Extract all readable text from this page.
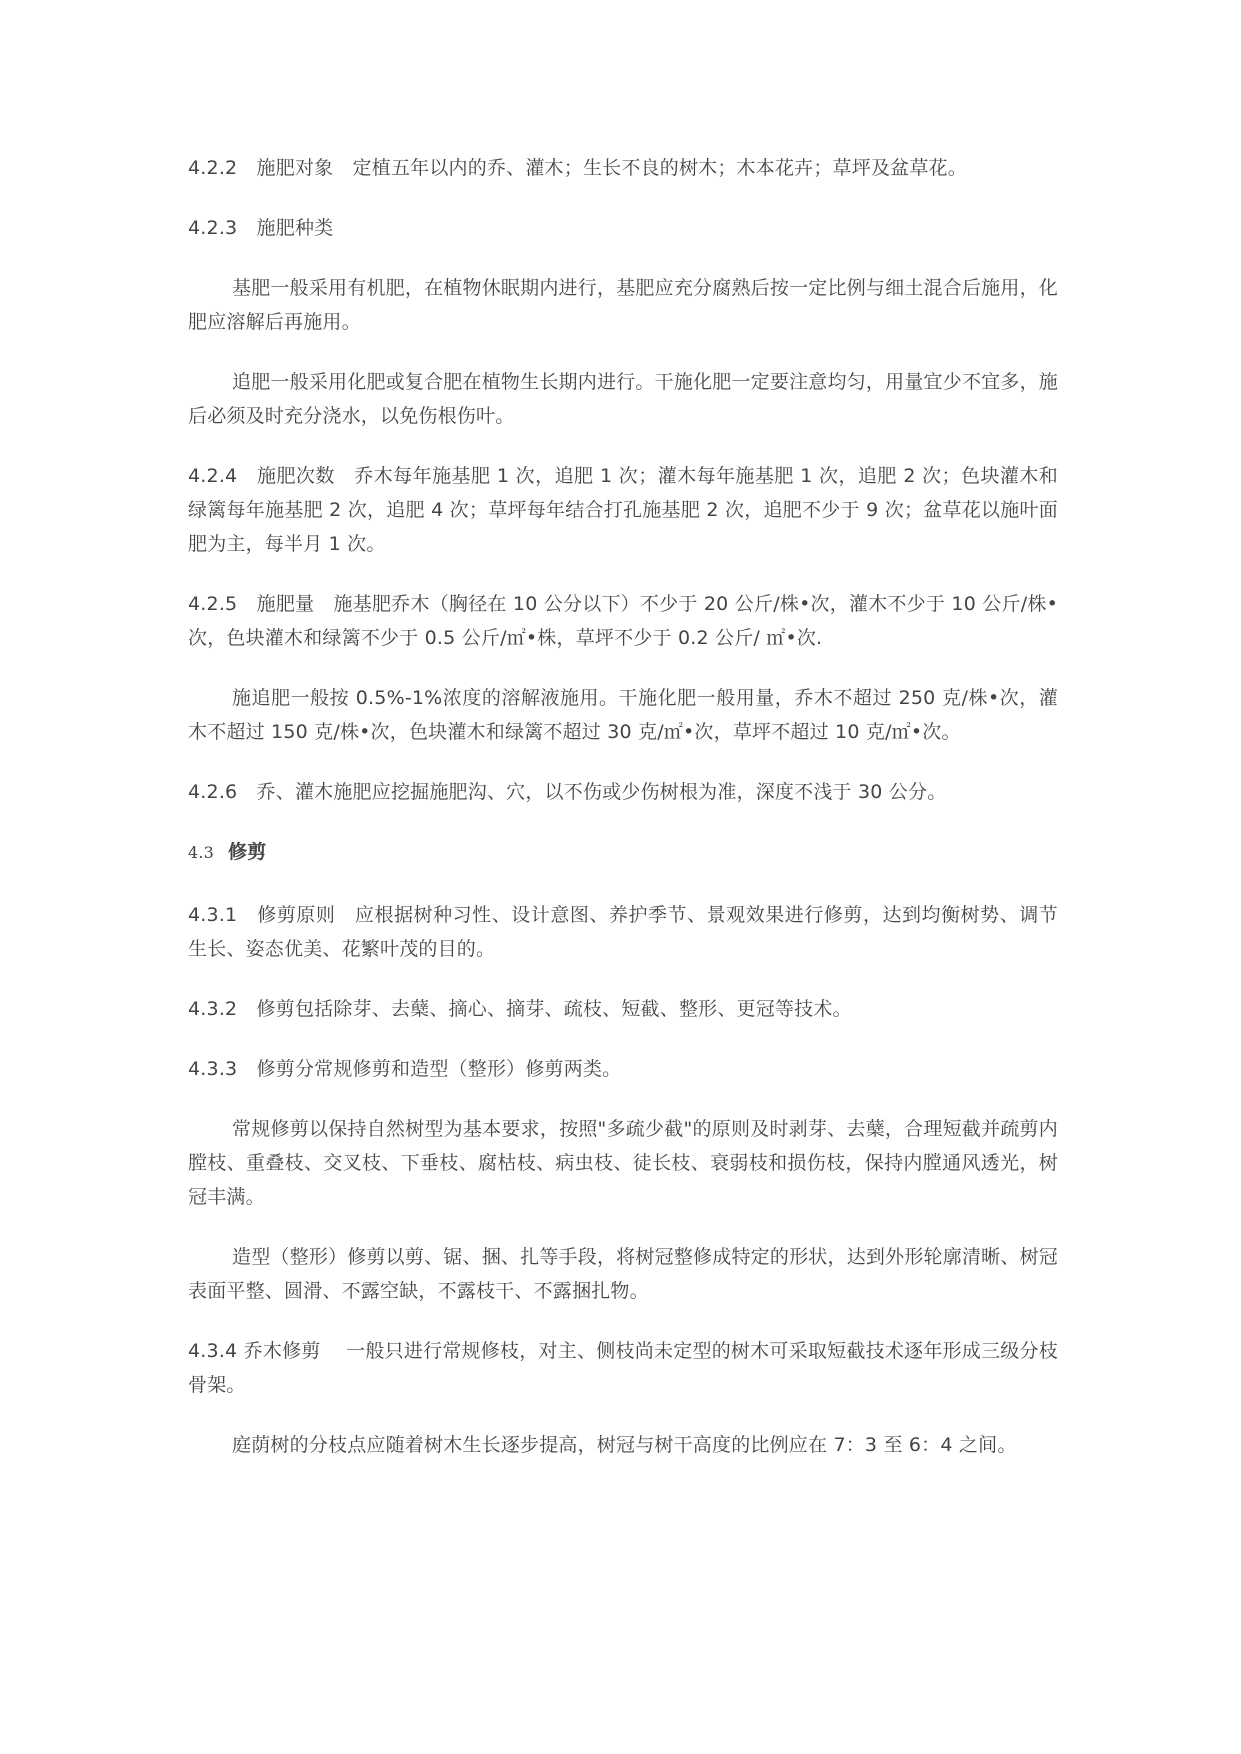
4.2.2　施肥对象　定植五年以内的乔、灌木；生长不良的树木；木本花卉；草坪及盆草花。

4.2.3　施肥种类

基肥一般采用有机肥，在植物休眠期内进行，基肥应充分腐熟后按一定比例与细土混合后施用，化肥应溶解后再施用。

追肥一般采用化肥或复合肥在植物生长期内进行。干施化肥一定要注意均匀，用量宜少不宜多，施后必须及时充分浇水，以免伤根伤叶。

4.2.4　施肥次数　乔木每年施基肥 1 次，追肥 1 次；灌木每年施基肥 1 次，追肥 2 次；色块灌木和绿篱每年施基肥 2 次，追肥 4 次；草坪每年结合打孔施基肥 2 次，追肥不少于 9 次；盆草花以施叶面肥为主，每半月 1 次。

4.2.5　施肥量　施基肥乔木（胸径在 10 公分以下）不少于 20 公斤/株•次，灌木不少于 10 公斤/株•次，色块灌木和绿篱不少于 0.5 公斤/㎡•株，草坪不少于 0.2 公斤/ ㎡•次.

施追肥一般按 0.5%-1%浓度的溶解液施用。干施化肥一般用量，乔木不超过 250 克/株•次，灌木不超过 150 克/株•次，色块灌木和绿篱不超过 30 克/㎡•次，草坪不超过 10 克/㎡•次。

4.2.6　乔、灌木施肥应挖掘施肥沟、穴，以不伤或少伤树根为准，深度不浅于 30 公分。

4.3 修剪

4.3.1　修剪原则　应根据树种习性、设计意图、养护季节、景观效果进行修剪，达到均衡树势、调节生长、姿态优美、花繁叶茂的目的。

4.3.2　修剪包括除芽、去蘖、摘心、摘芽、疏枝、短截、整形、更冠等技术。

4.3.3　修剪分常规修剪和造型（整形）修剪两类。

常规修剪以保持自然树型为基本要求，按照"多疏少截"的原则及时剥芽、去蘖，合理短截并疏剪内膛枝、重叠枝、交叉枝、下垂枝、腐枯枝、病虫枝、徒长枝、衰弱枝和损伤枝，保持内膛通风透光，树冠丰满。

造型（整形）修剪以剪、锯、捆、扎等手段，将树冠整修成特定的形状，达到外形轮廓清晰、树冠表面平整、圆滑、不露空缺，不露枝干、不露捆扎物。

4.3.4 乔木修剪　 一般只进行常规修枝，对主、侧枝尚未定型的树木可采取短截技术逐年形成三级分枝骨架。

庭荫树的分枝点应随着树木生长逐步提高，树冠与树干高度的比例应在 7：3 至 6：4 之间。
